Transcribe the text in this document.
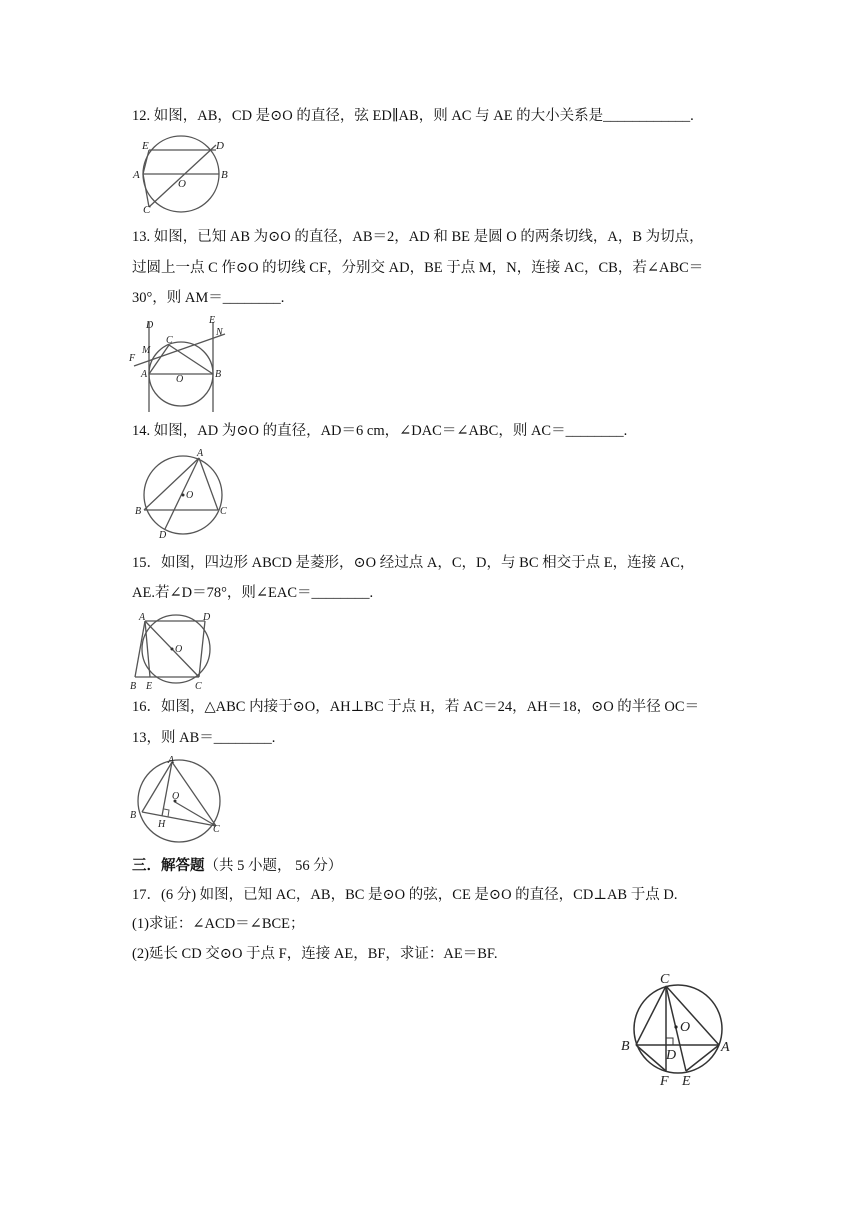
12. 如图，AB，CD 是⊙O 的直径，弦 ED∥AB，则 AC 与 AE 的大小关系是____________.
E	D
A
O
B
C
13. 如图，已知 AB 为⊙O 的直径，AB＝2，AD 和 BE 是圆 O 的两条切线，A，B 为切点，
过圆上一点 C 作⊙O 的切线 CF，分别交 AD，BE 于点 M，N，连接 AC，CB，若∠ABC＝
30°，则 AM＝________.
D	E
N
C
M
F
A	O	B
14. 如图，AD 为⊙O 的直径，AD＝6 cm，∠DAC＝∠ABC，则 AC＝________.
A
O
B	C
D
15．如图，四边形 ABCD 是菱形，⊙O 经过点 A，C，D，与 BC 相交于点 E，连接 AC，
AE.若∠D＝78°，则∠EAC＝________.
A	D
O
B E	C
16．如图，△ABC 内接于⊙O，AH⊥BC 于点 H，若 AC＝24，AH＝18，⊙O 的半径 OC＝
13，则 AB＝________.
A
O
B
H	C
三．解答题（共 5 小题， 56 分）
17．(6 分) 如图，已知 AC，AB，BC 是⊙O 的弦，CE 是⊙O 的直径，CD⊥AB 于点 D.
(1)求证：∠ACD＝∠BCE；
(2)延长 CD 交⊙O 于点 F，连接 AE，BF，求证：AE＝BF.
C
O
B
D
A
F E
